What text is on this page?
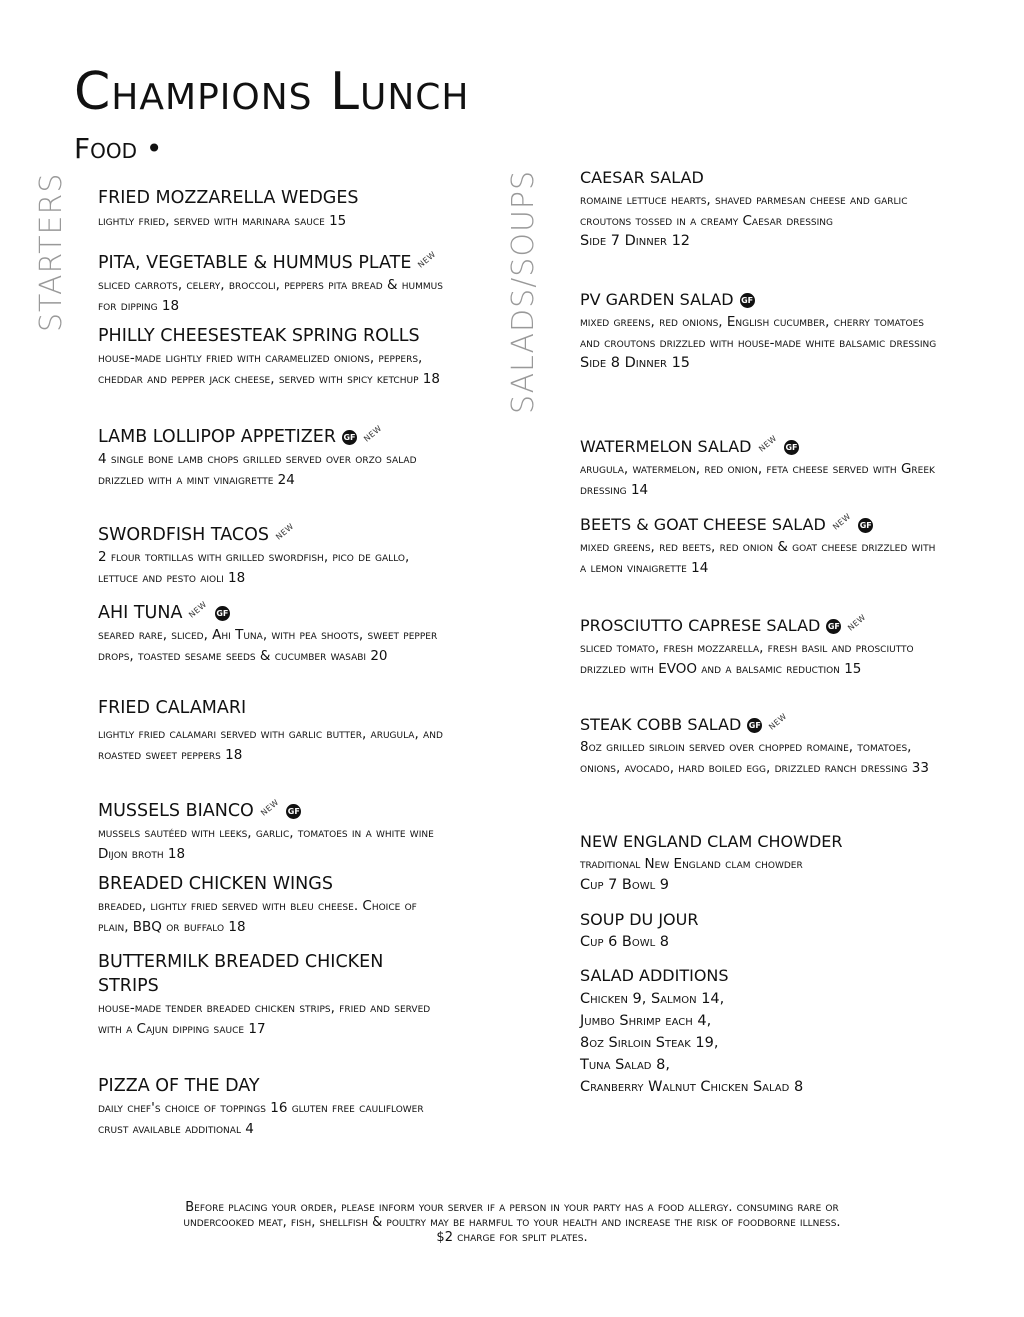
Champions Lunch
Food •
STARTERS	SALADS/SOUPS
FRIED MOZZARELLA WEDGES
lightly fried, served with marinara sauce 15
PITA, VEGETABLE & HUMMUS PLATE NEW
sliced carrots, celery, broccoli, peppers pita bread & hummus for dipping 18
PHILLY CHEESESTEAK SPRING ROLLS
house-made lightly fried with caramelized onions, peppers, cheddar and pepper jack cheese, served with spicy ketchup 18
LAMB LOLLIPOP APPETIZER GF NEW
4 single bone lamb chops grilled served over orzo salad drizzled with a mint vinaigrette 24
SWORDFISH TACOS NEW
2 flour tortillas with grilled swordfish, pico de gallo, lettuce and pesto aioli 18
AHI TUNA NEW GF
seared rare, sliced, Ahi Tuna, with pea shoots, sweet pepper drops, toasted sesame seeds & cucumber wasabi 20
FRIED CALAMARI
lightly fried calamari served with garlic butter, arugula, and roasted sweet peppers 18
MUSSELS BIANCO NEW GF
mussels sautéed with leeks, garlic, tomatoes in a white wine Dijon broth 18
BREADED CHICKEN WINGS
breaded, lightly fried served with bleu cheese. Choice of plain, BBQ or buffalo 18
BUTTERMILK BREADED CHICKEN STRIPS
house-made tender breaded chicken strips, fried and served with a Cajun dipping sauce 17
PIZZA OF THE DAY
daily chef's choice of toppings 16 gluten free cauliflower crust available additional 4
CAESAR SALAD
romaine lettuce hearts, shaved parmesan cheese and garlic croutons tossed in a creamy Caesar dressing
Side 7 Dinner 12
PV GARDEN SALAD GF
mixed greens, red onions, English cucumber, cherry tomatoes and croutons drizzled with house-made white balsamic dressing
Side 8 Dinner 15
WATERMELON SALAD NEW GF
arugula, watermelon, red onion, feta cheese served with Greek dressing 14
BEETS & GOAT CHEESE SALAD NEW GF
mixed greens, red beets, red onion & goat cheese drizzled with a lemon vinaigrette 14
PROSCIUTTO CAPRESE SALAD GF NEW
sliced tomato, fresh mozzarella, fresh basil and prosciutto drizzled with EVOO and a balsamic reduction 15
STEAK COBB SALAD GF NEW
8oz grilled sirloin served over chopped romaine, tomatoes, onions, avocado, hard boiled egg, drizzled ranch dressing 33
NEW ENGLAND CLAM CHOWDER
traditional New England clam chowder
Cup 7 Bowl 9
SOUP DU JOUR
Cup 6 Bowl 8
SALAD ADDITIONS
Chicken 9, Salmon 14,
Jumbo Shrimp each 4,
8oz Sirloin Steak 19,
Tuna Salad 8,
Cranberry Walnut Chicken Salad 8
Before placing your order, please inform your server if a person in your party has a food allergy. consuming rare or
undercooked meat, fish, shellfish & poultry may be harmful to your health and increase the risk of foodborne illness.
$2 charge for split plates.
